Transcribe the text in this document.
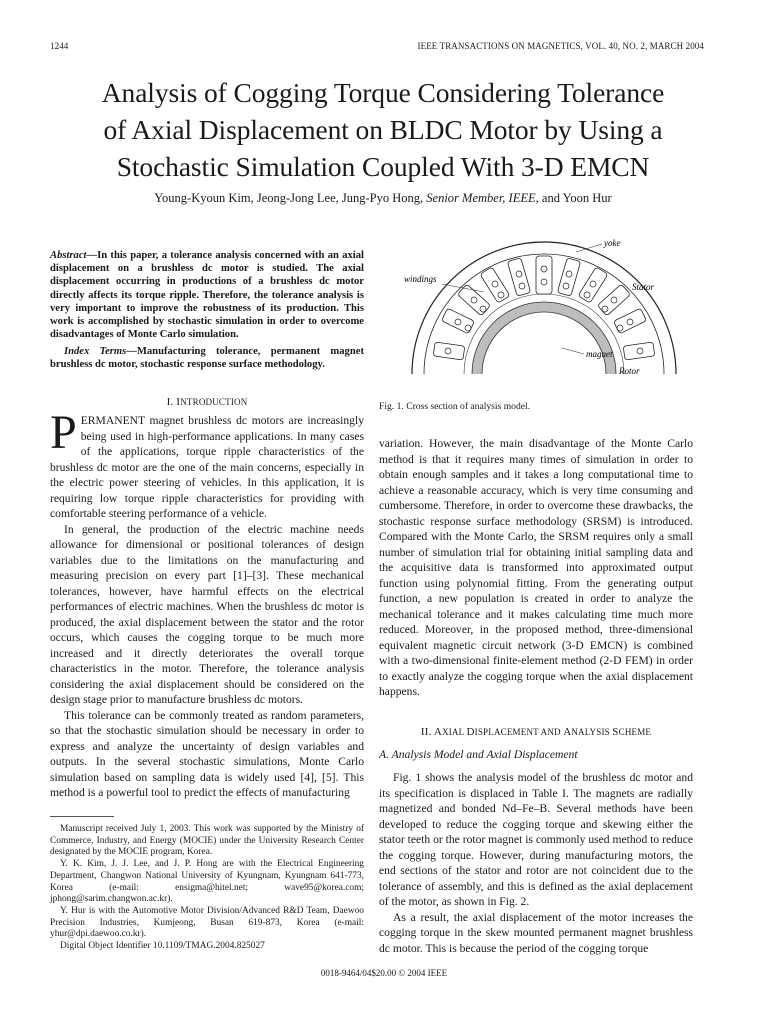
1244	IEEE TRANSACTIONS ON MAGNETICS, VOL. 40, NO. 2, MARCH 2004
Analysis of Cogging Torque Considering Tolerance
of Axial Displacement on BLDC Motor by Using a
Stochastic Simulation Coupled With 3-D EMCN
Young-Kyoun Kim, Jeong-Jong Lee, Jung-Pyo Hong, Senior Member, IEEE, and Yoon Hur

Abstract—In this paper, a tolerance analysis concerned with an axial displacement on a brushless dc motor is studied. The axial displacement occurring in productions of a brushless dc motor directly affects its torque ripple. Therefore, the tolerance analysis is very important to improve the robustness of its production. This work is accomplished by stochastic simulation in order to overcome disadvantages of Monte Carlo simulation.

Index Terms—Manufacturing tolerance, permanent magnet brushless dc motor, stochastic response surface methodology.

I. INTRODUCTION

PERMANENT magnet brushless dc motors are increasingly being used in high-performance applications. In many cases of the applications, torque ripple characteristics of the brushless dc motor are the one of the main concerns, especially in the electric power steering of vehicles. In this application, it is requiring low torque ripple characteristics for providing with comfortable steering performance of a vehicle.

In general, the production of the electric machine needs allowance for dimensional or positional tolerances of design variables due to the limitations on the manufacturing and measuring precision on every part [1]–[3]. These mechanical tolerances, however, have harmful effects on the electrical performances of electric machines. When the brushless dc motor is produced, the axial displacement between the stator and the rotor occurs, which causes the cogging torque to be much more increased and it directly deteriorates the overall torque characteristics in the motor. Therefore, the tolerance analysis considering the axial displacement should be considered on the design stage prior to manufacture brushless dc motors.

This tolerance can be commonly treated as random parameters, so that the stochastic simulation should be necessary in order to express and analyze the uncertainty of design variables and outputs. In the several stochastic simulations, Monte Carlo simulation based on sampling data is widely used [4], [5]. This method is a powerful tool to predict the effects of manufacturing

Manuscript received July 1, 2003. This work was supported by the Ministry of Commerce, Industry, and Energy (MOCIE) under the University Research Center designated by the MOCIE program, Korea.

Y. K. Kim, J. J. Lee, and J. P. Hong are with the Electrical Engineering Department, Changwon National University of Kyungnam, Kyungnam 641-773, Korea (e-mail: ensigma@hitel.net; wave95@korea.com; jphong@sarim.changwon.ac.kr).

Y. Hur is with the Automotive Motor Division/Advanced R&D Team, Daewoo Precision Industries, Kumjeong, Busan 619-873, Korea (e-mail: yhur@dpi.daewoo.co.kr).

Digital Object Identifier 10.1109/TMAG.2004.825027

yoke
windings
Stator
magnet
Rotor
Fig. 1. Cross section of analysis model.

variation. However, the main disadvantage of the Monte Carlo method is that it requires many times of simulation in order to obtain enough samples and it takes a long computational time to achieve a reasonable accuracy, which is very time consuming and cumbersome. Therefore, in order to overcome these drawbacks, the stochastic response surface methodology (SRSM) is introduced. Compared with the Monte Carlo, the SRSM requires only a small number of simulation trial for obtaining initial sampling data and the acquisitive data is transformed into approximated output function using polynomial fitting. From the generating output function, a new population is created in order to analyze the mechanical tolerance and it makes calculating time much more reduced. Moreover, in the proposed method, three-dimensional equivalent magnetic circuit network (3-D EMCN) is combined with a two-dimensional finite-element method (2-D FEM) in order to exactly analyze the cogging torque when the axial displacement happens.

II. AXIAL DISPLACEMENT AND ANALYSIS SCHEME
A. Analysis Model and Axial Displacement

Fig. 1 shows the analysis model of the brushless dc motor and its specification is displaced in Table I. The magnets are radially magnetized and bonded Nd–Fe–B. Several methods have been developed to reduce the cogging torque and skewing either the stator teeth or the rotor magnet is commonly used method to reduce the cogging torque. However, during manufacturing motors, the end sections of the stator and rotor are not coincident due to the tolerance of assembly, and this is defined as the axial deplacement of the motor, as shown in Fig. 2.

As a result, the axial displacement of the motor increases the cogging torque in the skew mounted permanent magnet brushless dc motor. This is because the period of the cogging torque

0018-9464/04$20.00 © 2004 IEEE
